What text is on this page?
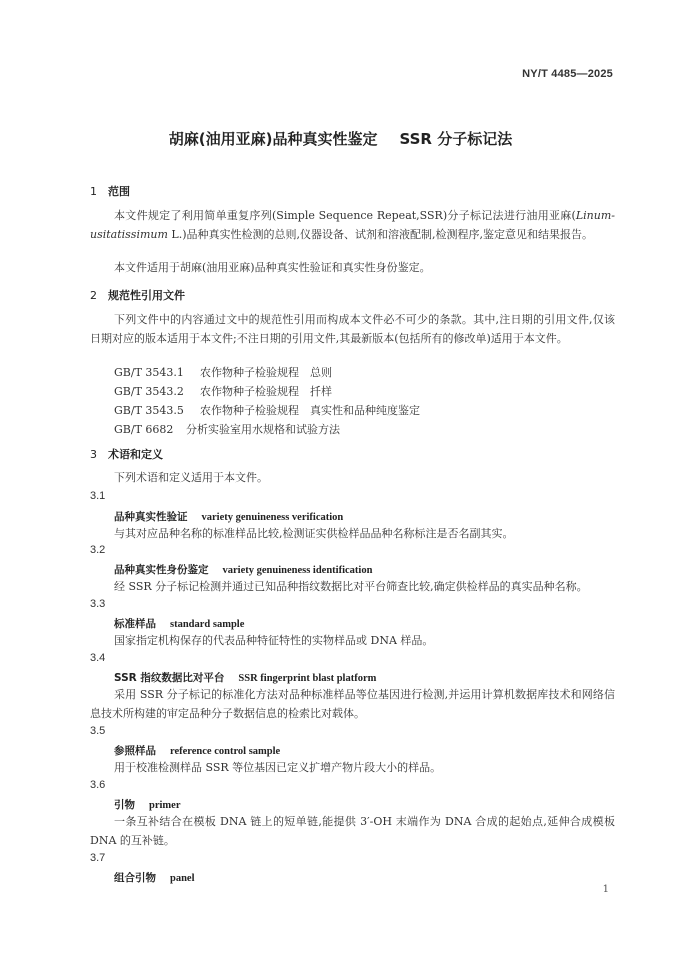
NY/T 4485—2025
胡麻(油用亚麻)品种真实性鉴定 SSR 分子标记法
1 范围

本文件规定了利用简单重复序列(Simple Sequence Repeat,SSR)分子标记法进行油用亚麻(Linum-usitatissimum L.)品种真实性检测的总则,仪器设备、试剂和溶液配制,检测程序,鉴定意见和结果报告。

本文件适用于胡麻(油用亚麻)品种真实性验证和真实性身份鉴定。

2 规范性引用文件

下列文件中的内容通过文中的规范性引用而构成本文件必不可少的条款。其中,注日期的引用文件,仅该日期对应的版本适用于本文件;不注日期的引用文件,其最新版本(包括所有的修改单)适用于本文件。

GB/T 3543.1 农作物种子检验规程　总则
GB/T 3543.2 农作物种子检验规程　扦样
GB/T 3543.5 农作物种子检验规程　真实性和品种纯度鉴定
GB/T 6682 分析实验室用水规格和试验方法
3 术语和定义

下列术语和定义适用于本文件。

3.1
品种真实性验证 variety genuineness verification

与其对应品种名称的标准样品比较,检测证实供检样品品种名称标注是否名副其实。

3.2
品种真实性身份鉴定 variety genuineness identification

经 SSR 分子标记检测并通过已知品种指纹数据比对平台筛查比较,确定供检样品的真实品种名称。

3.3
标准样品 standard sample

国家指定机构保存的代表品种特征特性的实物样品或 DNA 样品。

3.4
SSR 指纹数据比对平台 SSR fingerprint blast platform

采用 SSR 分子标记的标准化方法对品种标准样品等位基因进行检测,并运用计算机数据库技术和网络信息技术所构建的审定品种分子数据信息的检索比对载体。

3.5
参照样品 reference control sample

用于校准检测样品 SSR 等位基因已定义扩增产物片段大小的样品。

3.6
引物 primer

一条互补结合在模板 DNA 链上的短单链,能提供 3′-OH 末端作为 DNA 合成的起始点,延伸合成模板 DNA 的互补链。

3.7
组合引物 panel
1
